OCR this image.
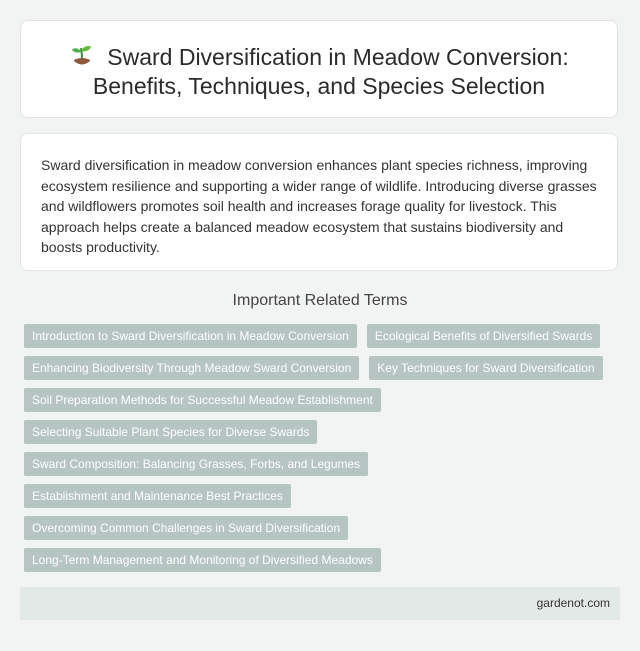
Sward Diversification in Meadow Conversion:
Benefits, Techniques, and Species Selection

Sward diversification in meadow conversion enhances plant species richness, improving ecosystem resilience and supporting a wider range of wildlife. Introducing diverse grasses and wildflowers promotes soil health and increases forage quality for livestock. This approach helps create a balanced meadow ecosystem that sustains biodiversity and boosts productivity.

Important Related Terms
Introduction to Sward Diversification in Meadow Conversion Ecological Benefits of Diversified Swards
Enhancing Biodiversity Through Meadow Sward Conversion Key Techniques for Sward Diversification
Soil Preparation Methods for Successful Meadow Establishment
Selecting Suitable Plant Species for Diverse Swards
Sward Composition: Balancing Grasses, Forbs, and Legumes
Establishment and Maintenance Best Practices
Overcoming Common Challenges in Sward Diversification
Long-Term Management and Monitoring of Diversified Meadows
gardenot.com
